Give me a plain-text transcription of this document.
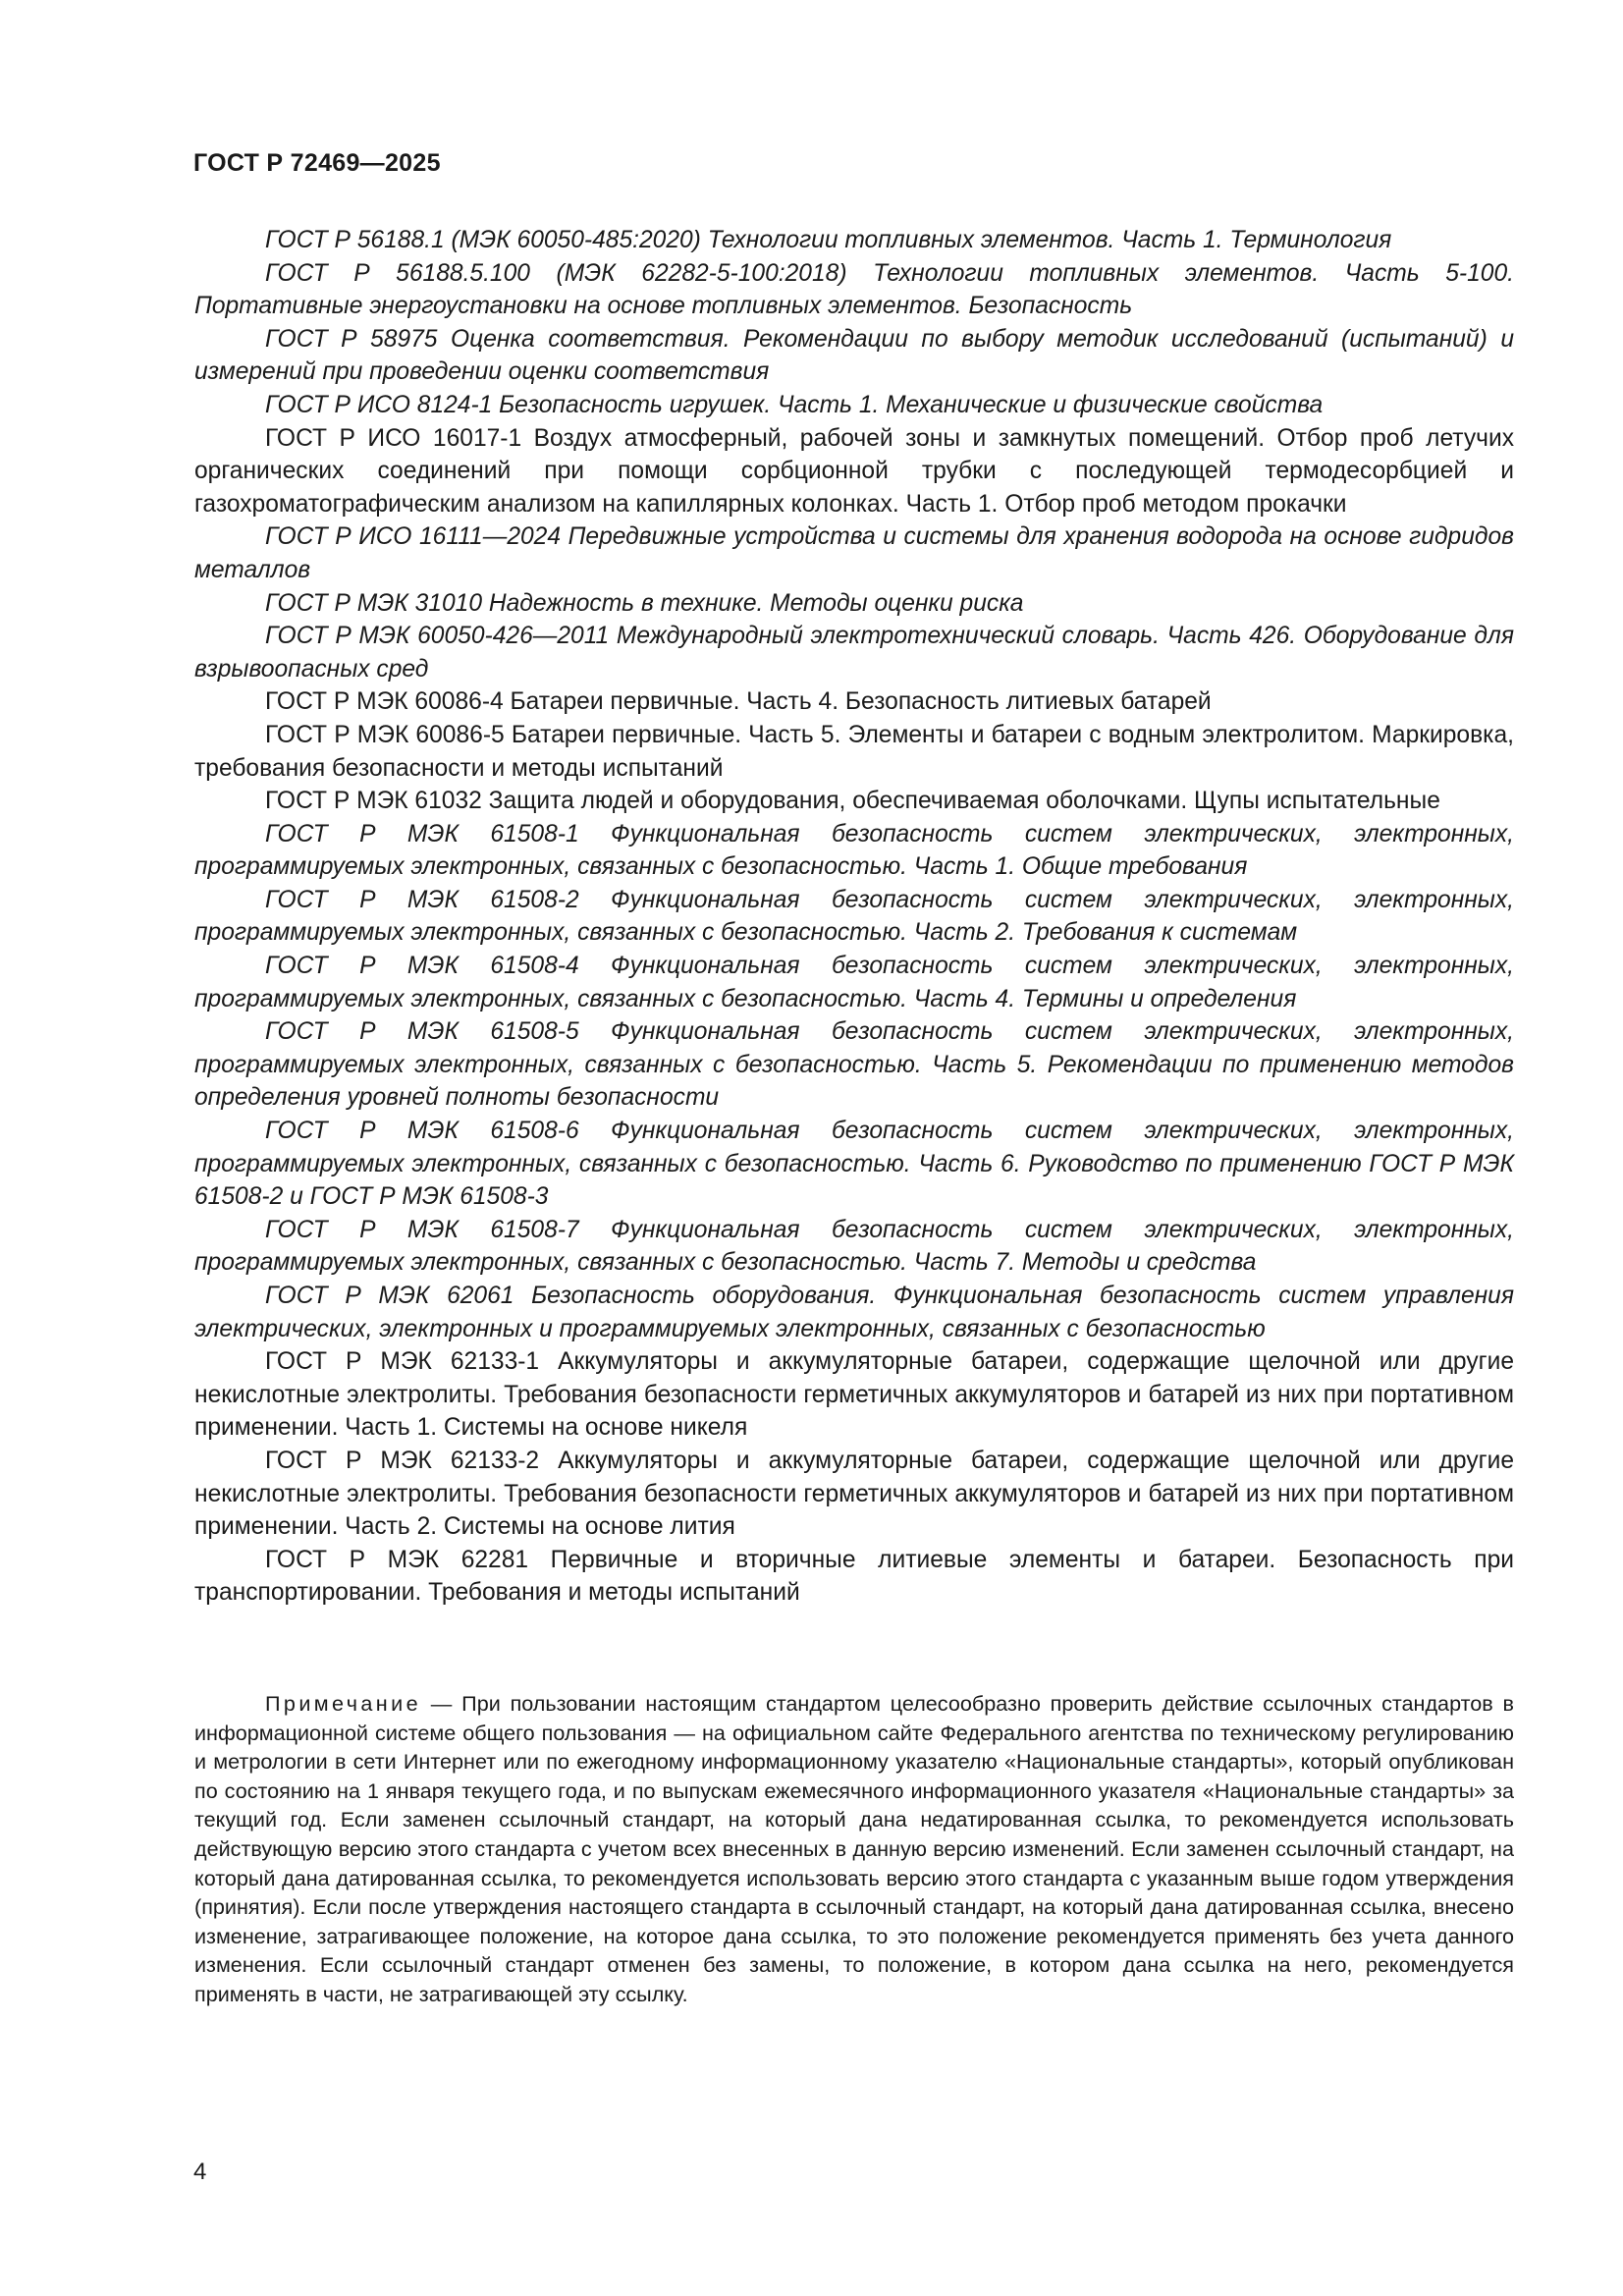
ГОСТ Р 72469—2025

ГОСТ Р 56188.1 (МЭК 60050-485:2020) Технологии топливных элементов. Часть 1. Терминология

ГОСТ Р 56188.5.100 (МЭК 62282-5-100:2018) Технологии топливных элементов. Часть 5-100. Портативные энергоустановки на основе топливных элементов. Безопасность

ГОСТ Р 58975 Оценка соответствия. Рекомендации по выбору методик исследований (испытаний) и измерений при проведении оценки соответствия

ГОСТ Р ИСО 8124-1 Безопасность игрушек. Часть 1. Механические и физические свойства

ГОСТ Р ИСО 16017-1 Воздух атмосферный, рабочей зоны и замкнутых помещений. Отбор проб летучих органических соединений при помощи сорбционной трубки с последующей термодесорбцией и газохроматографическим анализом на капиллярных колонках. Часть 1. Отбор проб методом прокачки

ГОСТ Р ИСО 16111—2024 Передвижные устройства и системы для хранения водорода на основе гидридов металлов

ГОСТ Р МЭК 31010 Надежность в технике. Методы оценки риска

ГОСТ Р МЭК 60050-426—2011 Международный электротехнический словарь. Часть 426. Оборудование для взрывоопасных сред

ГОСТ Р МЭК 60086-4 Батареи первичные. Часть 4. Безопасность литиевых батарей

ГОСТ Р МЭК 60086-5 Батареи первичные. Часть 5. Элементы и батареи с водным электролитом. Маркировка, требования безопасности и методы испытаний

ГОСТ Р МЭК 61032 Защита людей и оборудования, обеспечиваемая оболочками. Щупы испытательные

ГОСТ Р МЭК 61508-1 Функциональная безопасность систем электрических, электронных, программируемых электронных, связанных с безопасностью. Часть 1. Общие требования

ГОСТ Р МЭК 61508-2 Функциональная безопасность систем электрических, электронных, программируемых электронных, связанных с безопасностью. Часть 2. Требования к системам

ГОСТ Р МЭК 61508-4 Функциональная безопасность систем электрических, электронных, программируемых электронных, связанных с безопасностью. Часть 4. Термины и определения

ГОСТ Р МЭК 61508-5 Функциональная безопасность систем электрических, электронных, программируемых электронных, связанных с безопасностью. Часть 5. Рекомендации по применению методов определения уровней полноты безопасности

ГОСТ Р МЭК 61508-6 Функциональная безопасность систем электрических, электронных, программируемых электронных, связанных с безопасностью. Часть 6. Руководство по применению ГОСТ Р МЭК 61508-2 и ГОСТ Р МЭК 61508-3

ГОСТ Р МЭК 61508-7 Функциональная безопасность систем электрических, электронных, программируемых электронных, связанных с безопасностью. Часть 7. Методы и средства

ГОСТ Р МЭК 62061 Безопасность оборудования. Функциональная безопасность систем управления электрических, электронных и программируемых электронных, связанных с безопасностью

ГОСТ Р МЭК 62133-1 Аккумуляторы и аккумуляторные батареи, содержащие щелочной или другие некислотные электролиты. Требования безопасности герметичных аккумуляторов и батарей из них при портативном применении. Часть 1. Системы на основе никеля

ГОСТ Р МЭК 62133-2 Аккумуляторы и аккумуляторные батареи, содержащие щелочной или другие некислотные электролиты. Требования безопасности герметичных аккумуляторов и батарей из них при портативном применении. Часть 2. Системы на основе лития

ГОСТ Р МЭК 62281 Первичные и вторичные литиевые элементы и батареи. Безопасность при транспортировании. Требования и методы испытаний

Примечание — При пользовании настоящим стандартом целесообразно проверить действие ссылочных стандартов в информационной системе общего пользования — на официальном сайте Федерального агентства по техническому регулированию и метрологии в сети Интернет или по ежегодному информационному указателю «Национальные стандарты», который опубликован по состоянию на 1 января текущего года, и по выпускам ежемесячного информационного указателя «Национальные стандарты» за текущий год. Если заменен ссылочный стандарт, на который дана недатированная ссылка, то рекомендуется использовать действующую версию этого стандарта с учетом всех внесенных в данную версию изменений. Если заменен ссылочный стандарт, на который дана датированная ссылка, то рекомендуется использовать версию этого стандарта с указанным выше годом утверждения (принятия). Если после утверждения настоящего стандарта в ссылочный стандарт, на который дана датированная ссылка, внесено изменение, затрагивающее положение, на которое дана ссылка, то это положение рекомендуется применять без учета данного изменения. Если ссылочный стандарт отменен без замены, то положение, в котором дана ссылка на него, рекомендуется применять в части, не затрагивающей эту ссылку.

4
